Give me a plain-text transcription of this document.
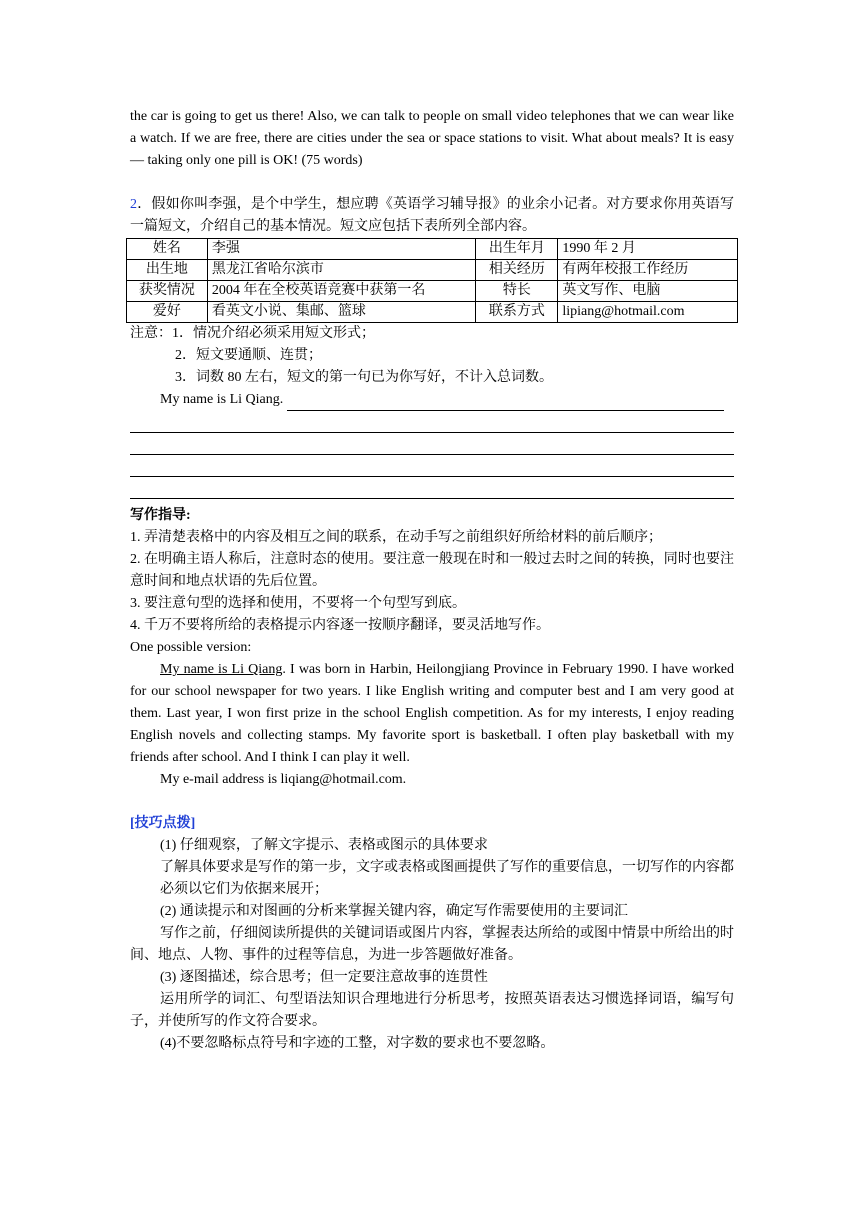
the car is going to get us there! Also, we can talk to people on small video telephones that we can wear like a watch. If we are free, there are cities under the sea or space stations to visit. What about meals? It is easy— taking only one pill is OK! (75 words)

2．假如你叫李强，是个中学生，想应聘《英语学习辅导报》的业余小记者。对方要求你用英语写一篇短文，介绍自己的基本情况。短文应包括下表所列全部内容。

姓名	李强	出生年月	1990 年 2 月
出生地	黑龙江省哈尔滨市	相关经历	有两年校报工作经历
获奖情况	2004 年在全校英语竞赛中获第一名	特长	英文写作、电脑
爱好	看英文小说、集邮、篮球	联系方式	lipiang@hotmail.com

注意：1．情况介绍必须采用短文形式；

2．短文要通顺、连贯；

3．词数 80 左右，短文的第一句已为你写好，不计入总词数。

My name is Li Qiang.

写作指导:

1. 弄清楚表格中的内容及相互之间的联系，在动手写之前组织好所给材料的前后顺序；

2. 在明确主语人称后，注意时态的使用。要注意一般现在时和一般过去时之间的转换，同时也要注意时间和地点状语的先后位置。

3. 要注意句型的选择和使用，不要将一个句型写到底。

4. 千万不要将所给的表格提示内容逐一按顺序翻译，要灵活地写作。

One possible version:

My name is Li Qiang. I was born in Harbin, Heilongjiang Province in February 1990. I have worked for our school newspaper for two years. I like English writing and computer best and I am very good at them. Last year, I won first prize in the school English competition. As for my interests, I enjoy reading English novels and collecting stamps. My favorite sport is basketball. I often play basketball with my friends after school. And I think I can play it well.

My e-mail address is liqiang@hotmail.com.

[技巧点拨]

(1) 仔细观察，了解文字提示、表格或图示的具体要求

了解具体要求是写作的第一步，文字或表格或图画提供了写作的重要信息，一切写作的内容都必须以它们为依据来展开；

(2) 通读提示和对图画的分析来掌握关键内容，确定写作需要使用的主要词汇

写作之前，仔细阅读所提供的关键词语或图片内容，掌握表达所给的或图中情景中所给出的时间、地点、人物、事件的过程等信息，为进一步答题做好准备。

(3) 逐图描述，综合思考；但一定要注意故事的连贯性

运用所学的词汇、句型语法知识合理地进行分析思考，按照英语表达习惯选择词语，编写句子，并使所写的作文符合要求。

(4)不要忽略标点符号和字迹的工整，对字数的要求也不要忽略。
